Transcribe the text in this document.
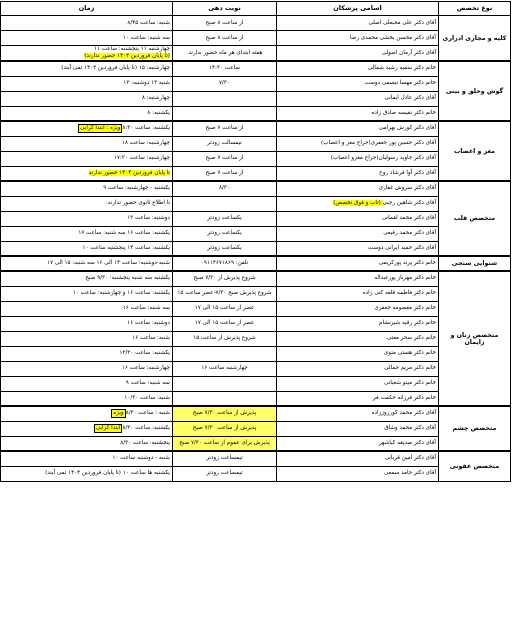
نوع تخصص	اسامی پزشکان	نوبت دهی	زمان
کلیه و مجاری ادراری	آقای دکتر علی محبعلی اصلی	از ساعت ۸ صبح	شنبه: ساعت ۸/۴۵
	آقای دکتر محسن بخشی محمدی رضا	از ساعت ۸ صبح	سه شنبه: ساعت ۱۰
	آقای دکتر آرمان اصولی	هفته ابتدای هر ماه حضور ندارند.	چهارشنبه ۱۱ پنجشنبه: ساعت ۱۱
(تا پایان فروردین ۱۴۰۴ حضور ندارند)
گوش وحلق و بینی	خانم دکتر سمیه رشید شمالی	ساعت ۱۴:۳۰	چهارشنبه: ۱۵ (تا پایان فروردین ۱۴۰۴ تمی آیند)
	خانم دکتر مهسا تبسمی دوست	۷/۳۰	شنبه ۱۳ دوشنبه: ۱۳
	آقای دکتر عادل ایمانی		چهارشنبه: ۸
	خانم دکتر نفیسه صادق زاده		یکشنبه: ۸
مغز و اعصاب	آقای دکتر کورش بهرامی	از ساعت ۷ صبح	یکشنبه: ساعت ۸:۳۰ویژه : ابتدا کرابی
	آقای دکتر حسین پور جعفری(جراح مغز و اعصاب)	تیمسالت زودتر	چهارشنبه: ساعت ۱۸
	آقای دکتر جاوید رسولیان(جراح مغزو اعصاب)	از ساعت ۷ صبح	چهارشنبه: ساعت ۱۷:۳۰
	آقای دکتر آوا فرشاد روح	از ساعت ۷ صبح	تا پایان فروردین ۱۴۰۴ حضور ندارند
متخصص قلب	آقای دکتر سروش غفاری	۸/۳۰	یکشنبه - چهارشنبه: ساعت ۹
	آقای دکتر شاهین رجبی (تاب و فوق تخصص)		تا اطلاع ثانوی حضور ندارند.
	آقای دکتر محمد لقمانی	یکساعت زودتر	دوشنبه: ساعت ۱۳
	آقای دکتر محمد رفیعی	یکساعت زودتر	یکشنبه: ساعت ۱۶ سه شنبه: ساعت ۱۷
	آقای دکتر حمید ایرانی دوست	یکساعت زودتر	یکشنبه: ساعت ۱۴ پنجشنبه ساعت ۱۰
شنوایی سنجی	خانم دکتر پرند پورکریمی	تلفن: ۰۹۱۱۴۶۷۱۸۶۹	شنبه-دوشنبه: ساعت ۱۴ الی ۱۶ سه شنبه: ۱۵ الی ۱۷
متخصص زنان و زایمان	خانم دکتر مهرناز پورعبداله	شروع پذیرش از ۷/۳۰ صبح	یکشنبه سه شنبه پنجشنبه: ۹/۳۰ صبح
	خانم دکتر فاطمه قلعه کنی زاده	شروع پذیرش صبح ۷/۳۰-عصر ساعت ۱۵	یکشنبه: ساعت ۱۶ و چهارشنبه: ساعت ۱۰
	خانم دکتر معصومه جعفری	عصر از ساعت ۱۵ الی ۱۷	سه شنبه: ساعت ۱۶
	خانم دکتر رقیه شیرنشام	عصر از ساعت ۱۵ الی ۱۷	دوشنبه: ساعت ۱۶
	خانم دکتر سحر معتی	شروع پذیرش از ساعت ۱۵	شنبه: ساعت ۱۶
	خانم دکتر هستی متوی		یکشنبه: ساعت ۱۳/۳۰
	خانم دکتر مریم جمالی	چهارشنبه ساعت ۱۶	چهارشنبه: ساعت ۱۶
	خانم دکتر مینو شعبانی		سه شنبه: ساعت ۹
	خانم دکتر فرزانه حکمت فر		شنبه: ساعت ۱۰/۳۰
متخصص چشم	آقای دکتر محمد کورزوززاده	پذیرش از ساعت ۷/۳۰ صبح	شنبه : ساعت ۸/۳۰ویژه
	آقای دکتر محمد وشاق	پذیرش از ساعت ۷/۳۰ صبح	یکشنبه: ساعت ۸/۳۰ابتدا کرابی
	آقای دکتر صدیقه کیاشهر	پذیرش برای عموم از ساعت ۷/۳۰ صبح	پنجشنبه: ساعت ۸/۳۰
متخصص عفونی	آقای دکتر امین قربانی	تیمساعت زودتر	شنبه - دوشنبه ساعت ۱۰
	آقای دکتر حامد سمعی	تیمساعت زودتر	یکشنبه ها ساعت ۱۰ (تا پایان فروردین ۱۴۰۴ تمی آیند)
